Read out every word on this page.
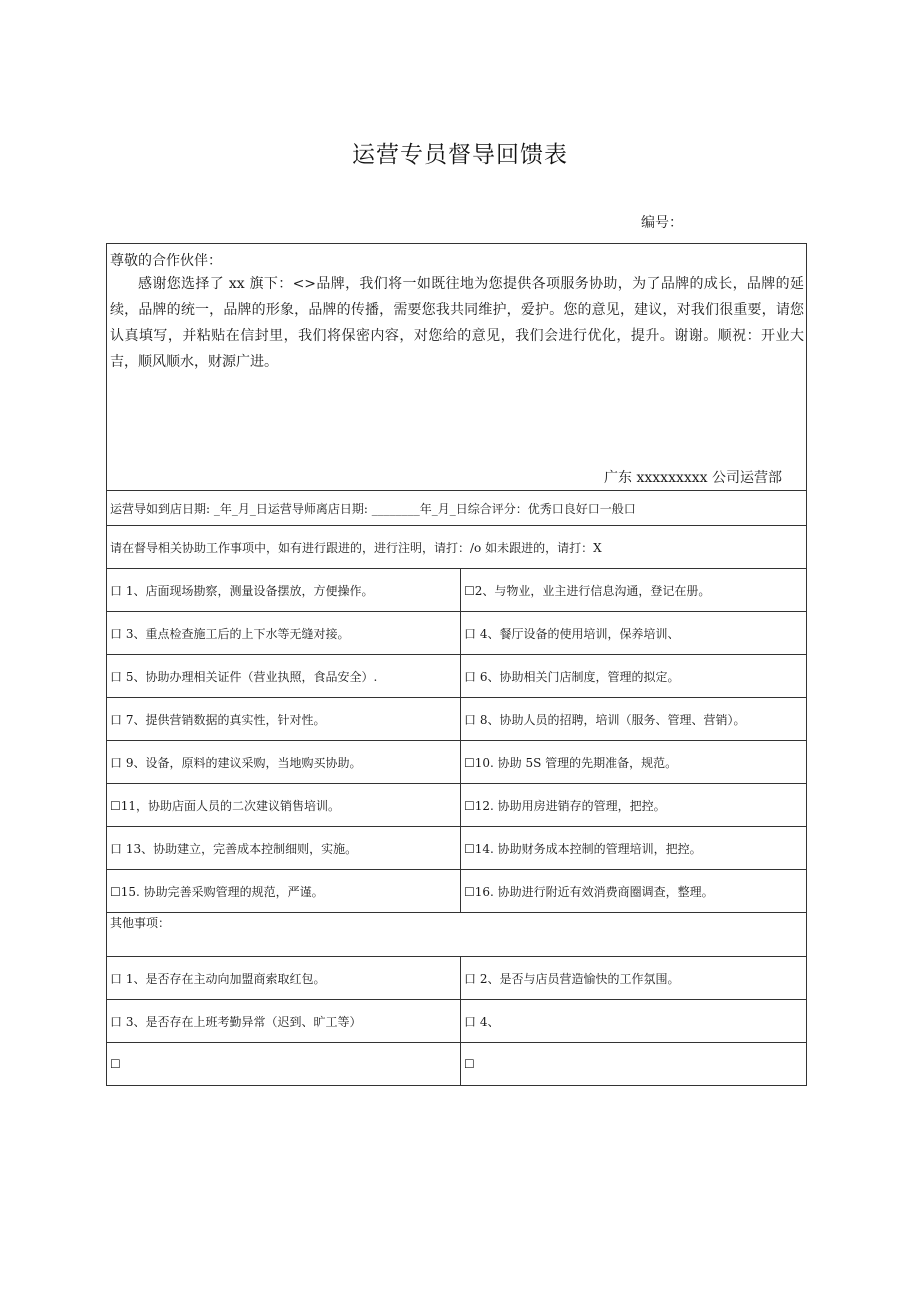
运营专员督导回馈表
编号：
尊敬的合作伙伴：
感谢您选择了 xx 旗下：<>品牌，我们将一如既往地为您提供各项服务协助，为了品牌的成长，品牌的延续，品牌的统一，品牌的形象，品牌的传播，需要您我共同维护，爱护。您的意见，建议，对我们很重要，请您认真填写，并粘贴在信封里，我们将保密内容，对您给的意见，我们会进行优化，提升。谢谢。顺祝：开业大吉，顺风顺水，财源广进。
广东 xxxxxxxxx 公司运营部	

运营导如到店日期: _年_月_日运营导师离店日期: ________年_月_日综合评分：优秀口良好口一般口	
请在督导相关协助工作事项中，如有进行跟进的，进行注明，请打：/o 如未跟进的，请打：X	
口 1、店面现场勘察，测量设备摆放，方便操作。	☐2、与物业，业主进行信息沟通，登记在册。
口 3、重点检查施工后的上下水等无缝对接。	口 4、餐厅设备的使用培训，保养培训、
口 5、协助办理相关证件（营业执照，食品安全）.	口 6、协助相关门店制度，管理的拟定。
口 7、提供营销数据的真实性，针对性。	口 8、协助人员的招聘，培训（服务、管理、营销）。
口 9、设备，原料的建议采购，当地购买协助。	☐10. 协助 5S 管理的先期准备，规范。
☐11，协助店面人员的二次建议销售培训。	☐12. 协助用房进销存的管理，把控。
口 13、协助建立，完善成本控制细则，实施。	☐14. 协助财务成本控制的管理培训，把控。
☐15. 协助完善采购管理的规范，严谨。	☐16. 协助进行附近有效消费商圈调查，整理。
其他事项：	
口 1、是否存在主动向加盟商索取红包。	口 2、是否与店员营造愉快的工作氛围。
口 3、是否存在上班考勤异常（迟到、旷工等）	口 4、
☐	☐
